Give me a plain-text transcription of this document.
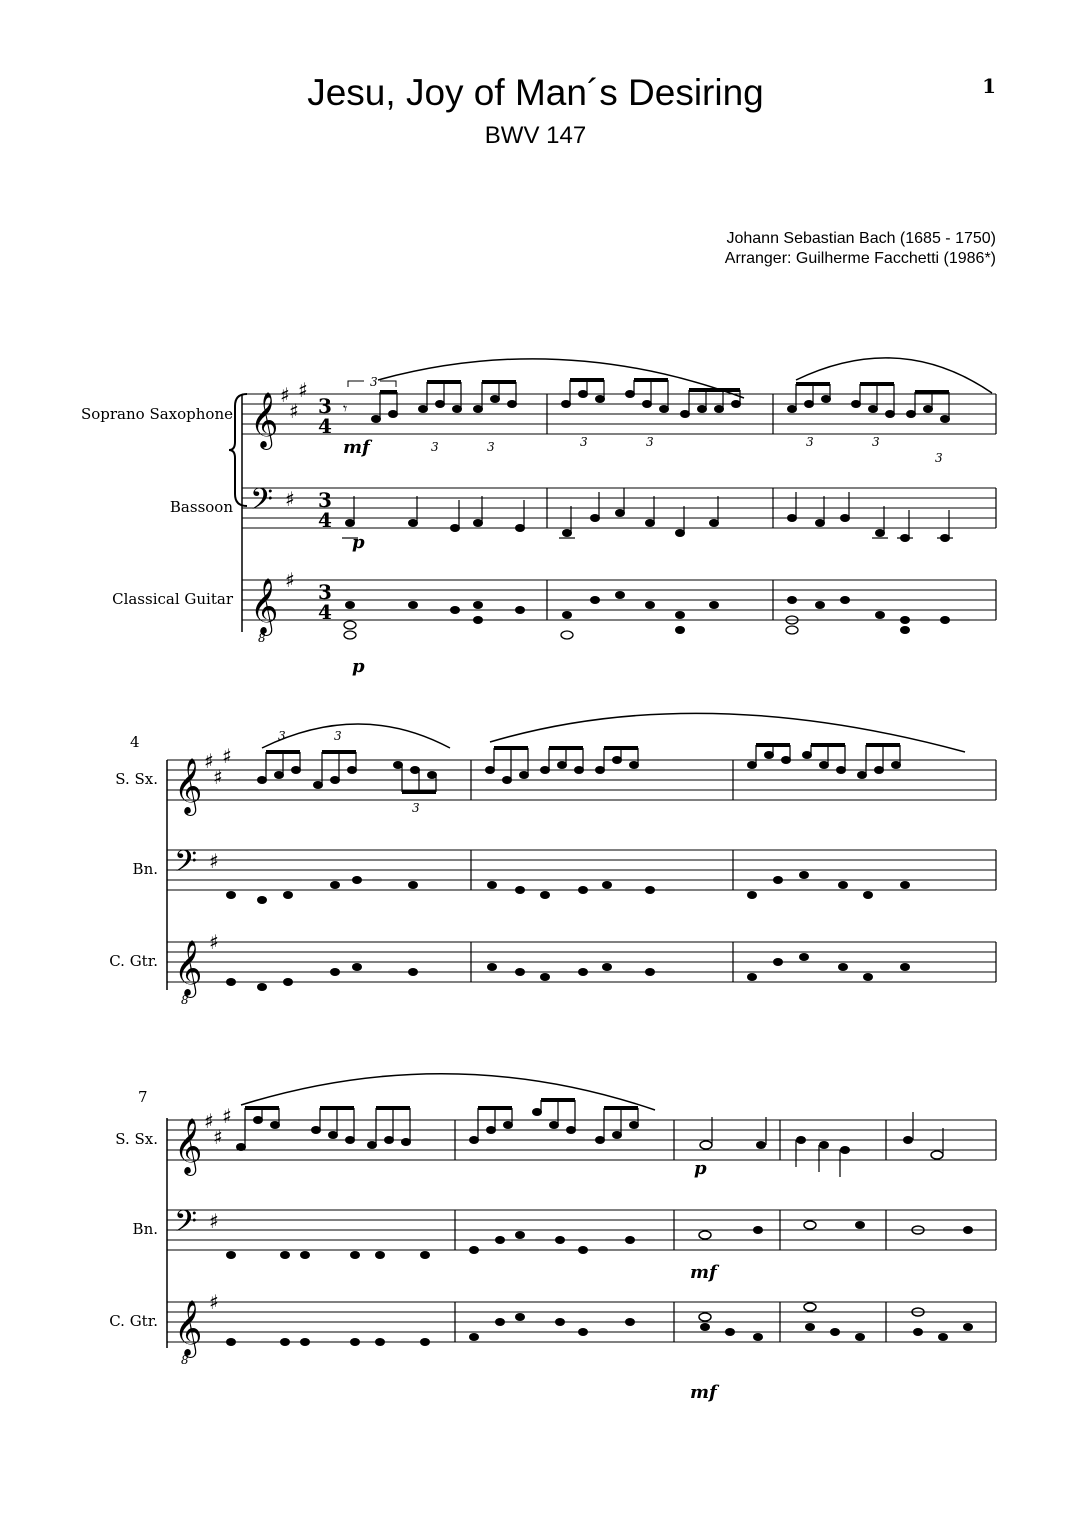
Jesu, Joy of Man´s Desiring
BWV 147
1
Johann Sebastian Bach (1685 - 1750)
Arranger: Guilherme Facchetti (1986*)
Soprano Saxophone
Bassoon
Classical Guitar
𝄞
𝄢
𝄞
8
♯
♯
♯
♯
♯
3
4
3
4
3
4
𝄾
3	3
3
mf	3	3	3	3
3
p
p
4
S. Sx.
Bn.
C. Gtr.
𝄞
𝄢
𝄞
8
♯
♯
♯
♯
♯
3	3
3
7
S. Sx.
Bn.
C. Gtr.
𝄞
𝄢
𝄞
8
♯
♯
♯
♯
♯
p
mf
mf
